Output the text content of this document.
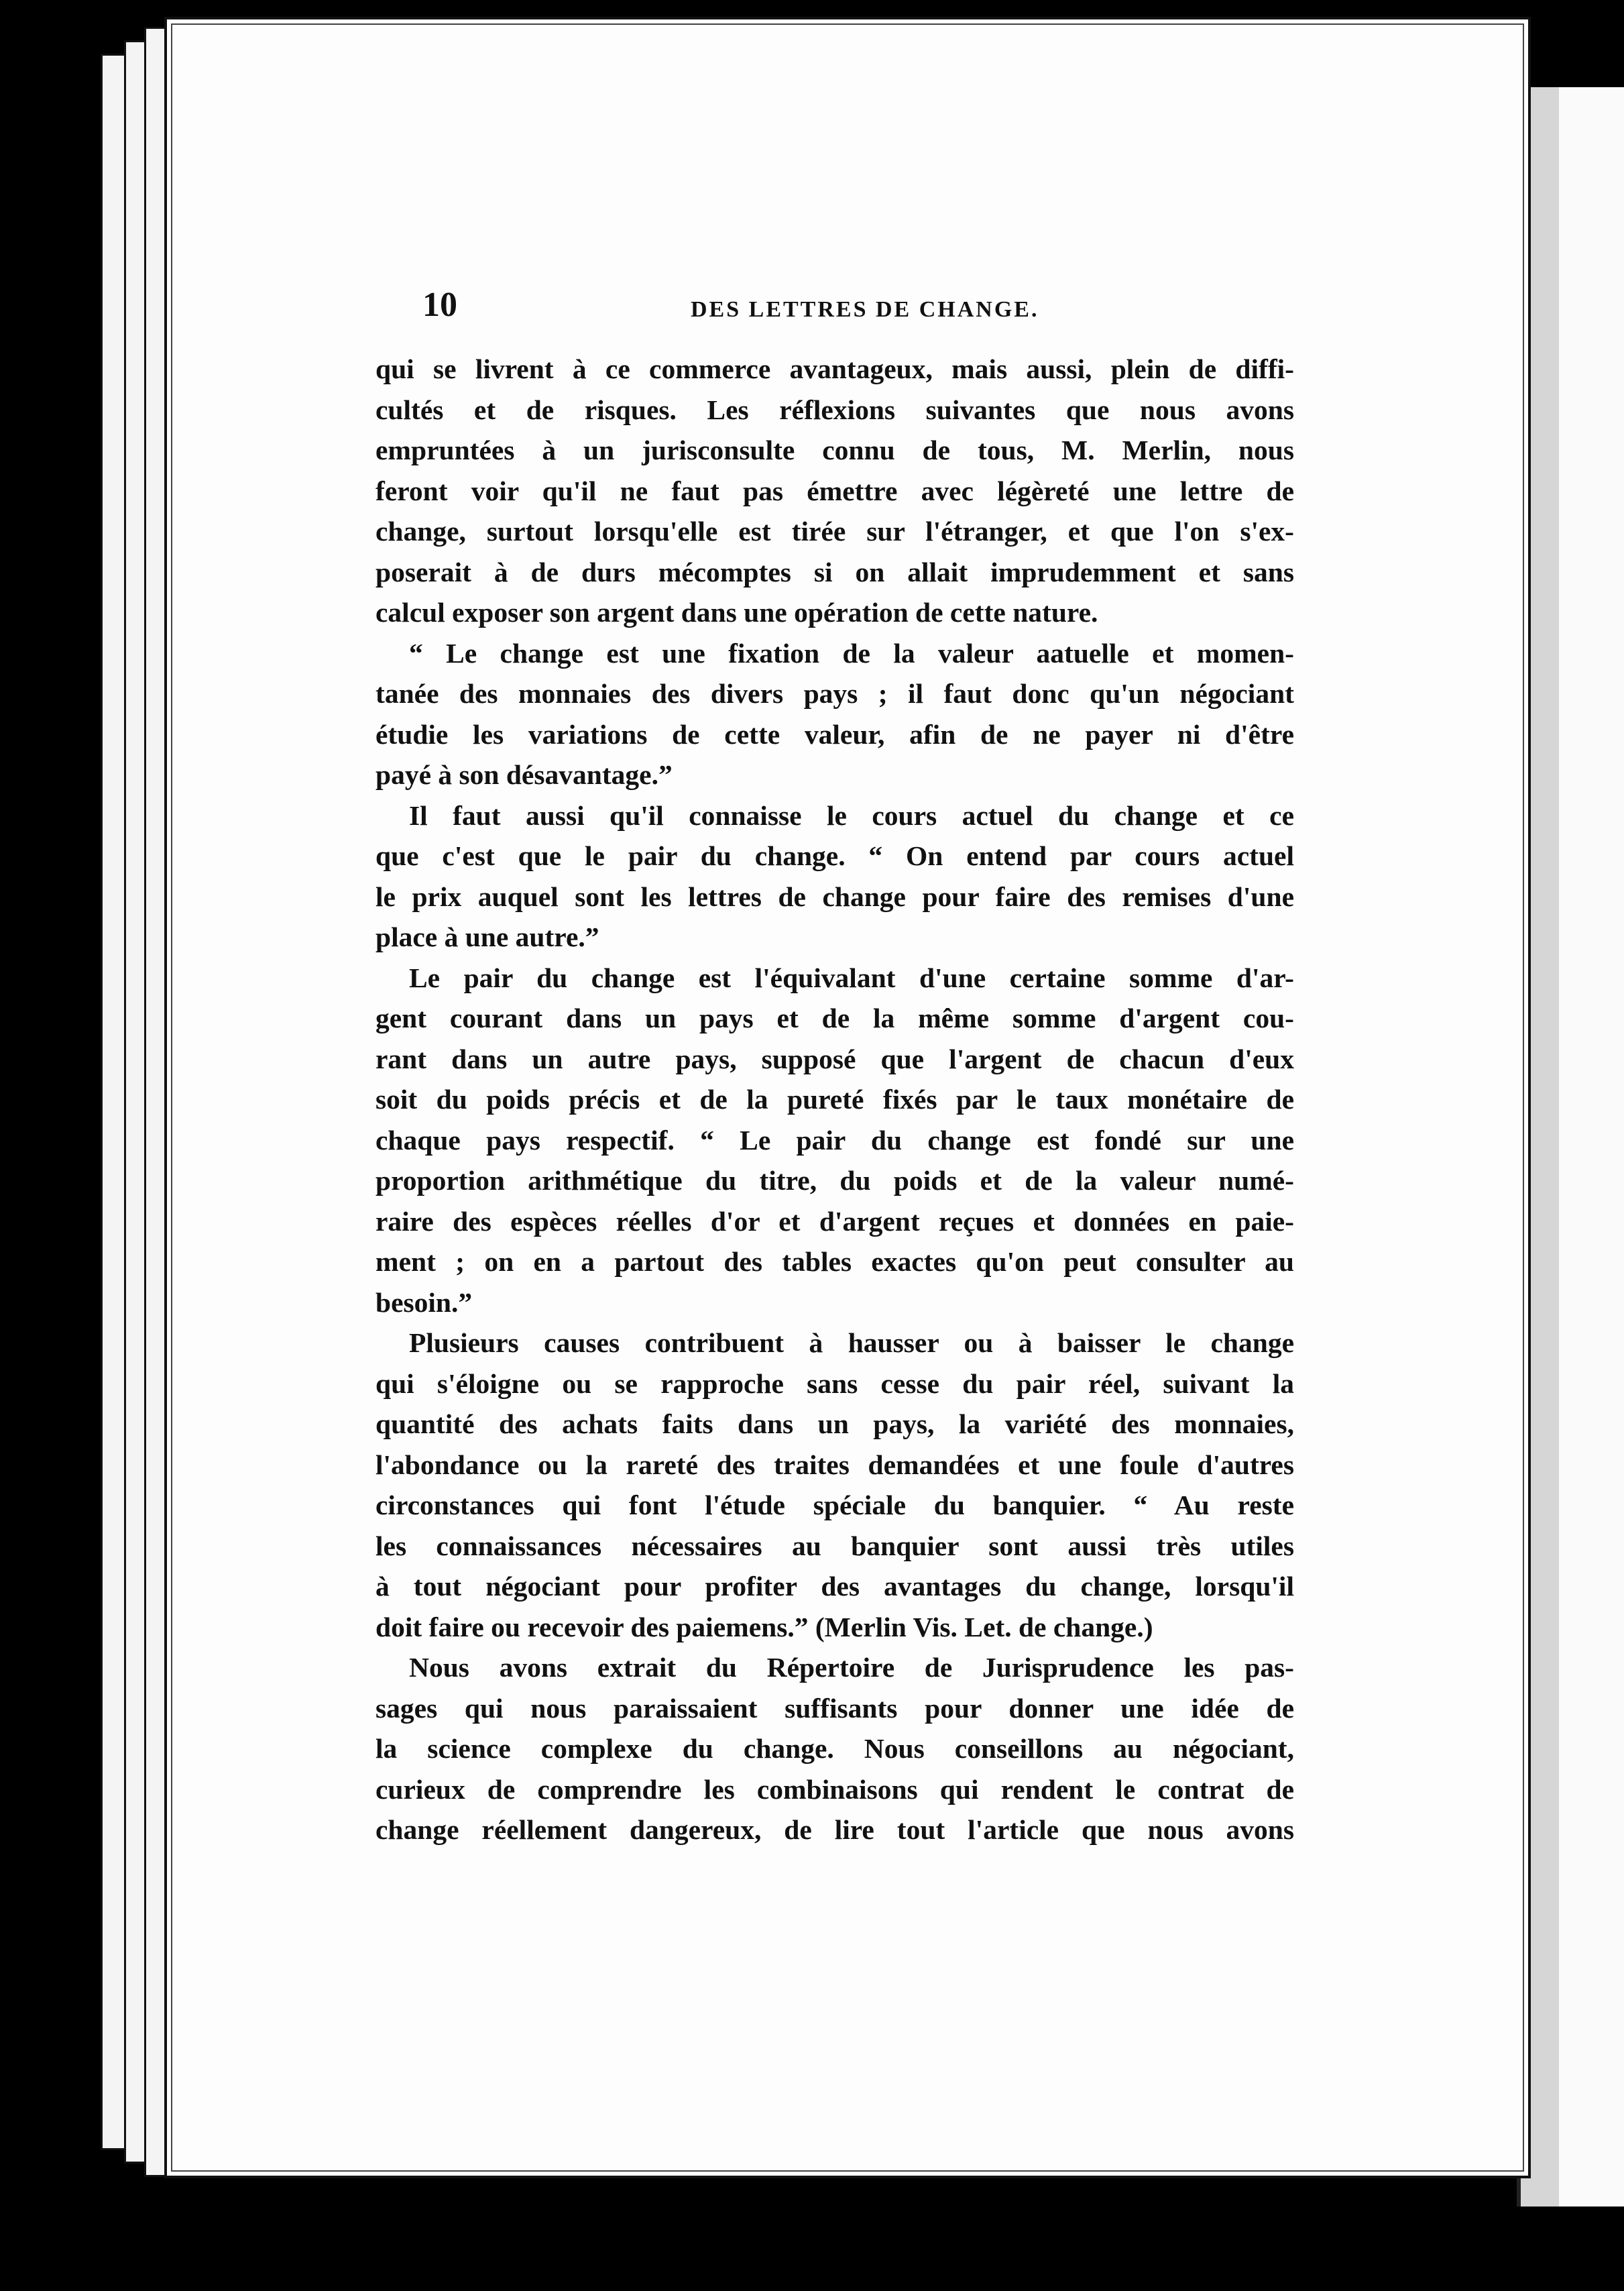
10	DES LETTRES DE CHANGE.
qui se livrent à ce commerce avantageux, mais aussi, plein de diffi-
cultés et de risques. Les réflexions suivantes que nous avons
empruntées à un jurisconsulte connu de tous, M. Merlin, nous
feront voir qu'il ne faut pas émettre avec légèreté une lettre de
change, surtout lorsqu'elle est tirée sur l'étranger, et que l'on s'ex-
poserait à de durs mécomptes si on allait imprudemment et sans
calcul exposer son argent dans une opération de cette nature.
“ Le change est une fixation de la valeur aatuelle et momen-
tanée des monnaies des divers pays ; il faut donc qu'un négociant
étudie les variations de cette valeur, afin de ne payer ni d'être
payé à son désavantage.”
Il faut aussi qu'il connaisse le cours actuel du change et ce
que c'est que le pair du change. “ On entend par cours actuel
le prix auquel sont les lettres de change pour faire des remises d'une
place à une autre.”
Le pair du change est l'équivalant d'une certaine somme d'ar-
gent courant dans un pays et de la même somme d'argent cou-
rant dans un autre pays, supposé que l'argent de chacun d'eux
soit du poids précis et de la pureté fixés par le taux monétaire de
chaque pays respectif. “ Le pair du change est fondé sur une
proportion arithmétique du titre, du poids et de la valeur numé-
raire des espèces réelles d'or et d'argent reçues et données en paie-
ment ; on en a partout des tables exactes qu'on peut consulter au
besoin.”
Plusieurs causes contribuent à hausser ou à baisser le change
qui s'éloigne ou se rapproche sans cesse du pair réel, suivant la
quantité des achats faits dans un pays, la variété des monnaies,
l'abondance ou la rareté des traites demandées et une foule d'autres
circonstances qui font l'étude spéciale du banquier. “ Au reste
les connaissances nécessaires au banquier sont aussi très utiles
à tout négociant pour profiter des avantages du change, lorsqu'il
doit faire ou recevoir des paiemens.” (Merlin Vis. Let. de change.)
Nous avons extrait du Répertoire de Jurisprudence les pas-
sages qui nous paraissaient suffisants pour donner une idée de
la science complexe du change. Nous conseillons au négociant,
curieux de comprendre les combinaisons qui rendent le contrat de
change réellement dangereux, de lire tout l'article que nous avons
